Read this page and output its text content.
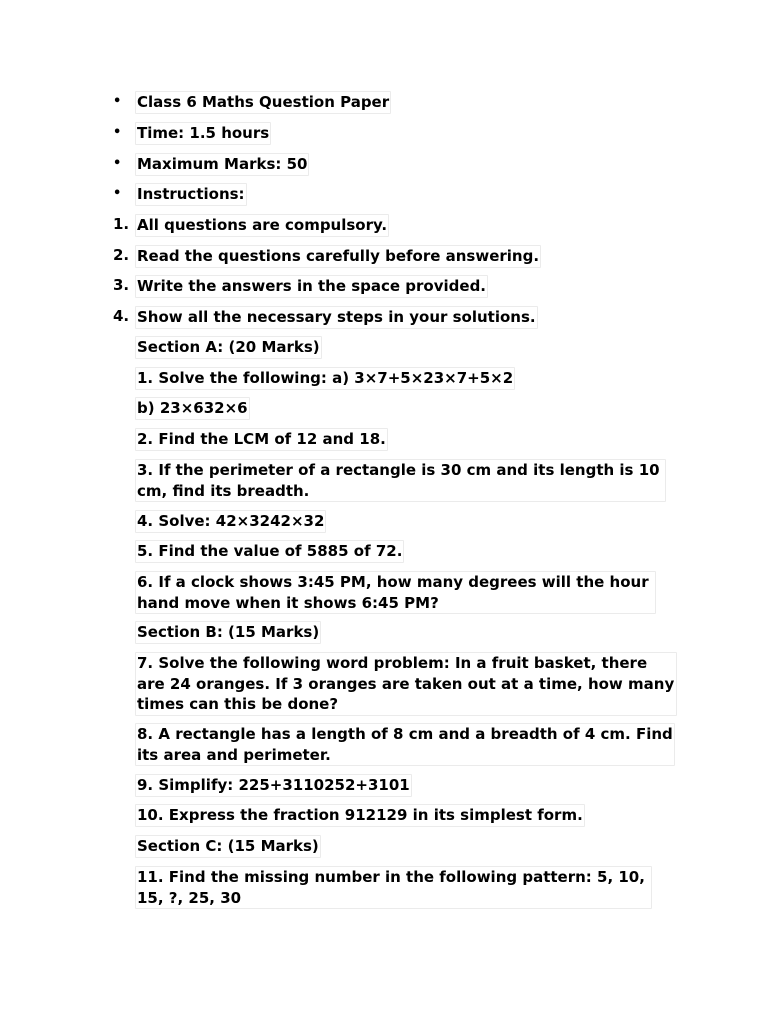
• Class 6 Maths Question Paper
• Time: 1.5 hours
• Maximum Marks: 50
• Instructions:
1. All questions are compulsory.
2. Read the questions carefully before answering.
3. Write the answers in the space provided.
4. Show all the necessary steps in your solutions.
Section A: (20 Marks)
1. Solve the following: a) 3×7+5×23×7+5×2
b) 23×632×6
2. Find the LCM of 12 and 18.
3. If the perimeter of a rectangle is 30 cm and its length is 10 cm, find its breadth.
4. Solve: 42×3242×32
5. Find the value of 5885 of 72.
6. If a clock shows 3:45 PM, how many degrees will the hour hand move when it shows 6:45 PM?
Section B: (15 Marks)
7. Solve the following word problem: In a fruit basket, there are 24 oranges. If 3 oranges are taken out at a time, how many times can this be done?
8. A rectangle has a length of 8 cm and a breadth of 4 cm. Find its area and perimeter.
9. Simplify: 225+3110252+3101
10. Express the fraction 912129 in its simplest form.
Section C: (15 Marks)
11. Find the missing number in the following pattern: 5, 10, 15, ?, 25, 30
